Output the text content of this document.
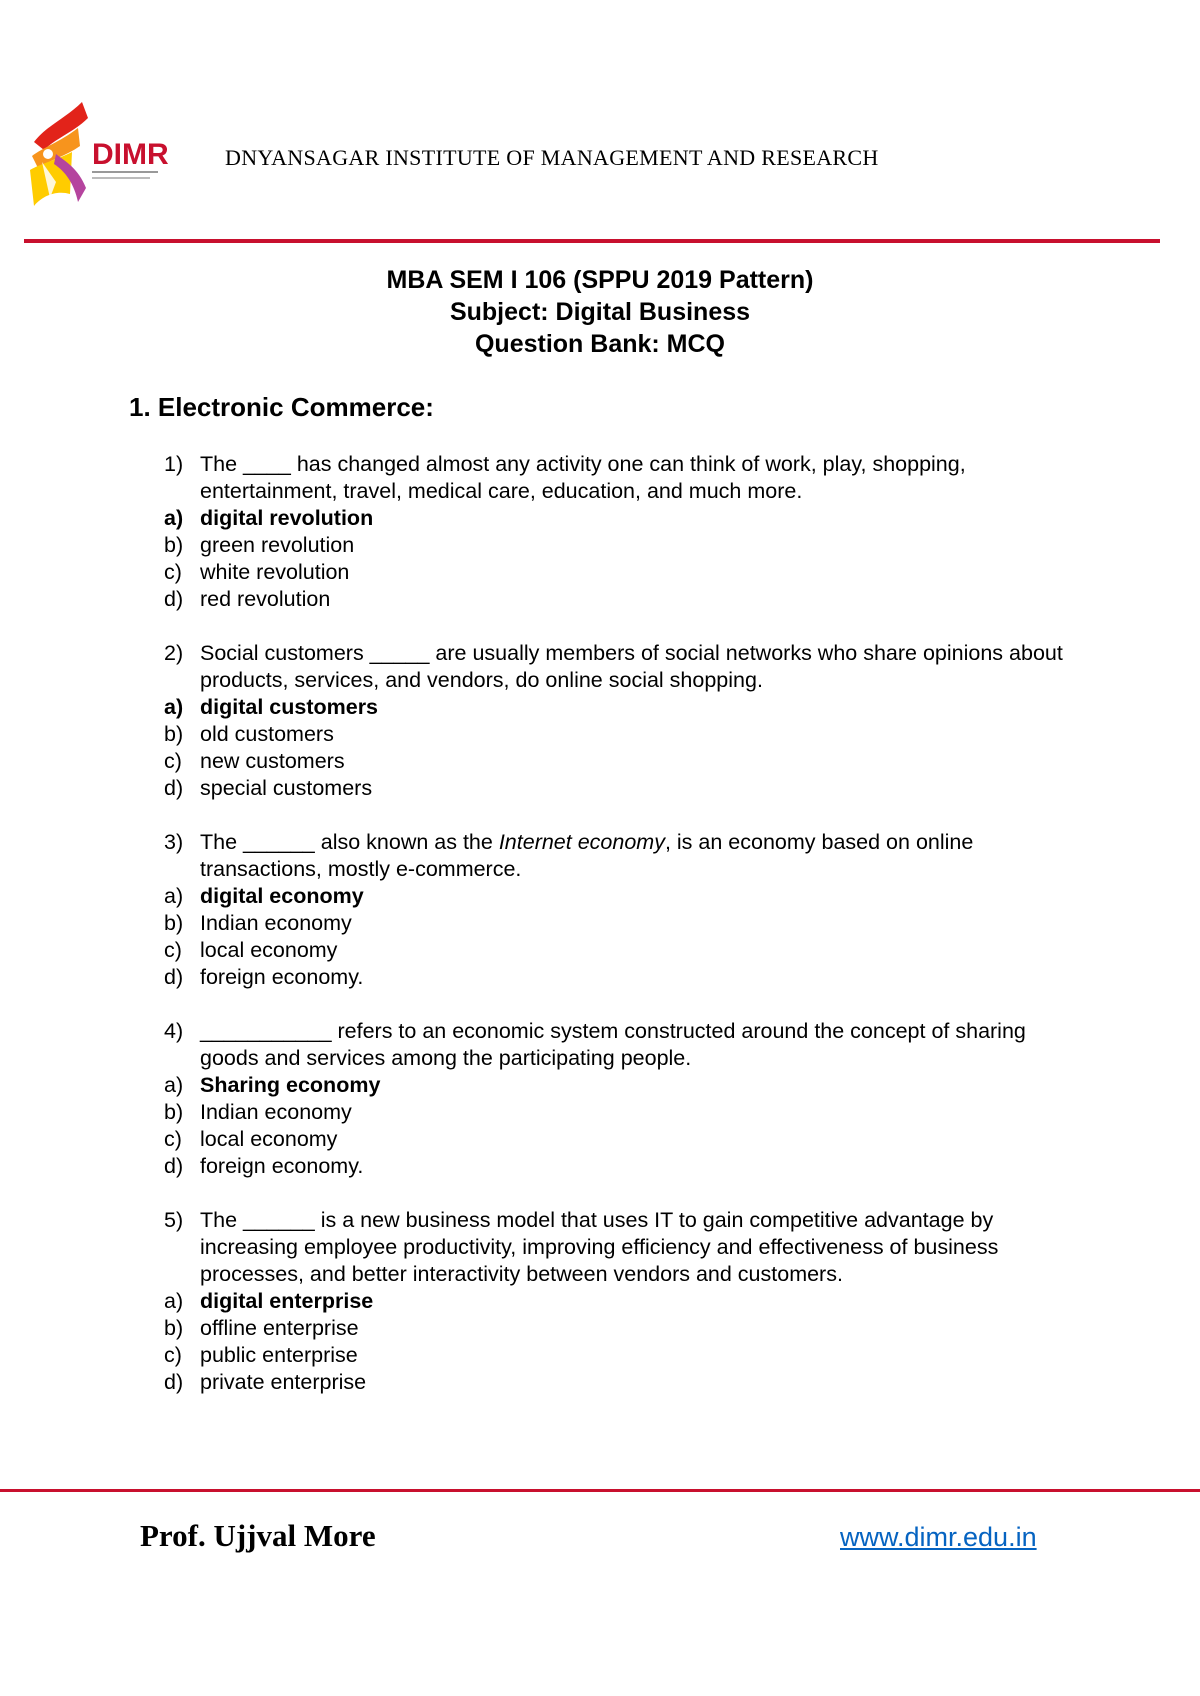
DIMR	DNYANSAGAR INSTITUTE OF MANAGEMENT AND RESEARCH
MBA SEM I 106 (SPPU 2019 Pattern)
Subject: Digital Business
Question Bank: MCQ
1. Electronic Commerce:
1) The ____ has changed almost any activity one can think of work, play, shopping, entertainment, travel, medical care, education, and much more.
a) digital revolution
b) green revolution
c) white revolution
d) red revolution
2) Social customers _____ are usually members of social networks who share opinions about products, services, and vendors, do online social shopping.
a) digital customers
b) old customers
c) new customers
d) special customers
3) The ______ also known as the Internet economy, is an economy based on online transactions, mostly e-commerce.
a) digital economy
b) Indian economy
c) local economy
d) foreign economy.
4) ___________ refers to an economic system constructed around the concept of sharing goods and services among the participating people.
a) Sharing economy
b) Indian economy
c) local economy
d) foreign economy.
5) The ______ is a new business model that uses IT to gain competitive advantage by increasing employee productivity, improving efficiency and effectiveness of business processes, and better interactivity between vendors and customers.
a) digital enterprise
b) offline enterprise
c) public enterprise
d) private enterprise
Prof. Ujjval More	www.dimr.edu.in
